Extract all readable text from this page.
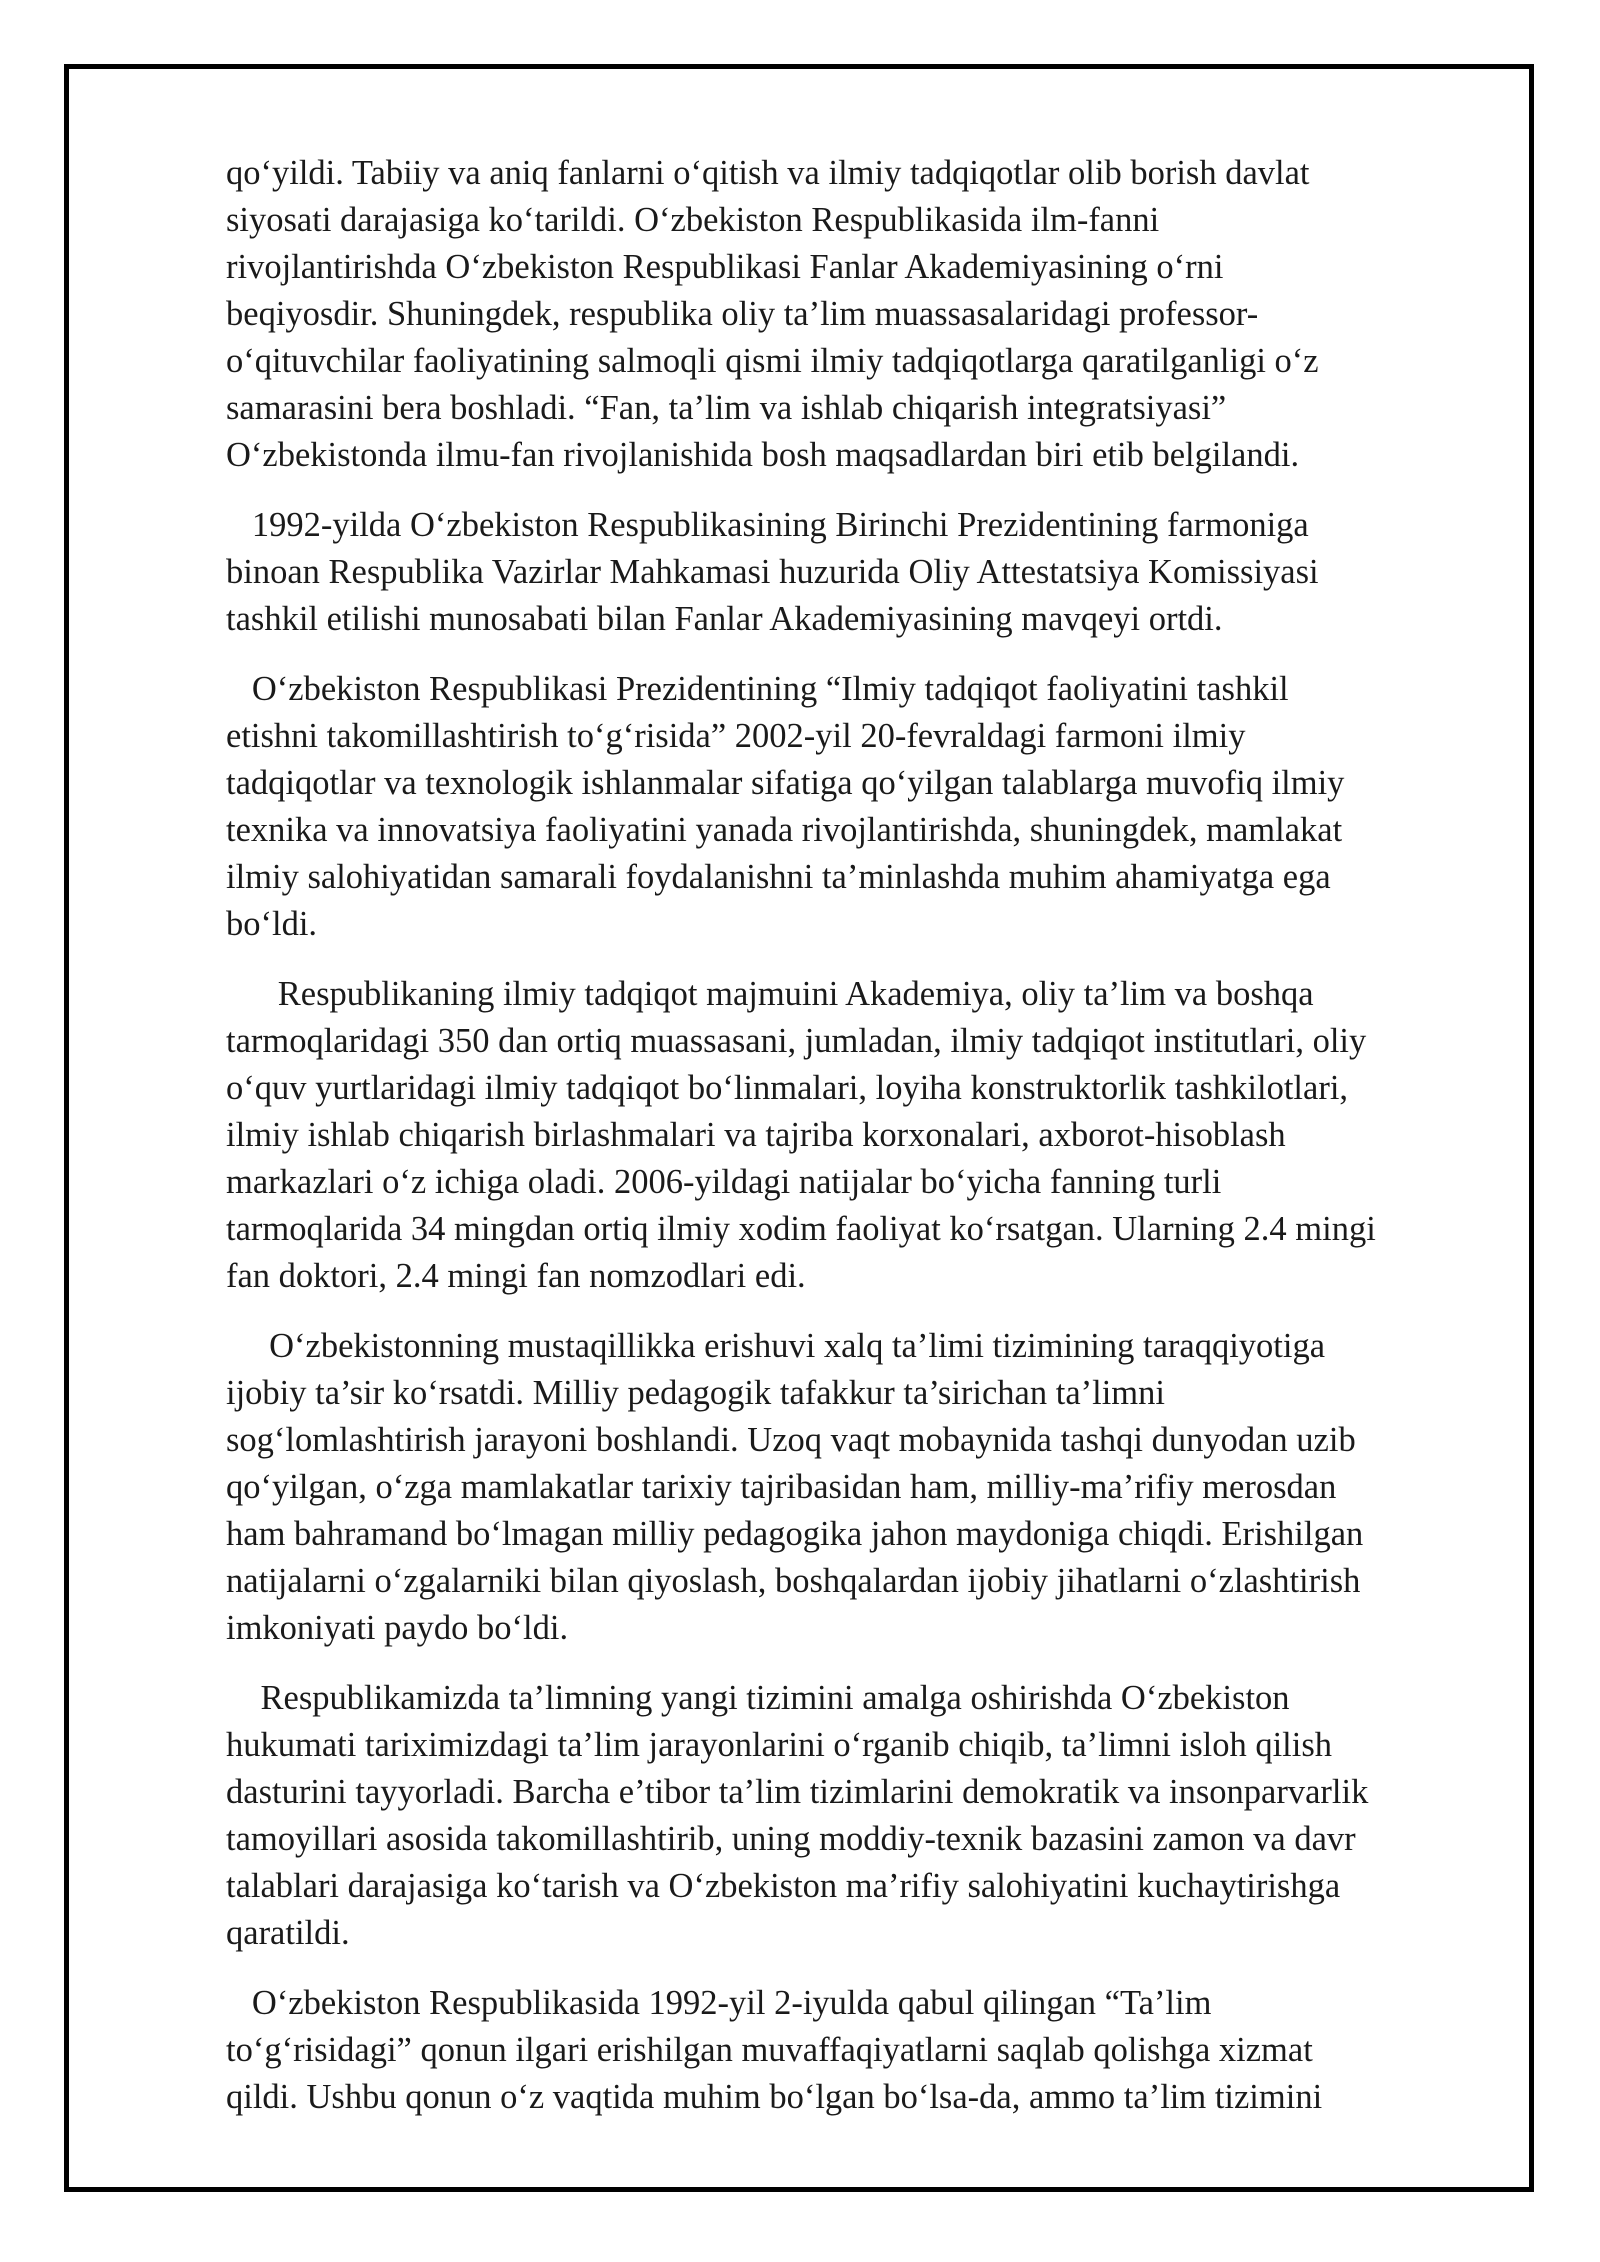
qo‘yildi. Tabiiy va aniq fanlarni o‘qitish va ilmiy tadqiqotlar olib borish davlat
siyosati darajasiga ko‘tarildi. O‘zbekiston Respublikasida ilm-fanni
rivojlantirishda O‘zbekiston Respublikasi Fanlar Akademiyasining o‘rni
beqiyosdir. Shuningdek, respublika oliy ta’lim muassasalaridagi professor-
o‘qituvchilar faoliyatining salmoqli qismi ilmiy tadqiqotlarga qaratilganligi o‘z
samarasini bera boshladi. “Fan, ta’lim va ishlab chiqarish integratsiyasi”
O‘zbekistonda ilmu-fan rivojlanishida bosh maqsadlardan biri etib belgilandi.

1992-yilda O‘zbekiston Respublikasining Birinchi Prezidentining farmoniga
binoan Respublika Vazirlar Mahkamasi huzurida Oliy Attestatsiya Komissiyasi
tashkil etilishi munosabati bilan Fanlar Akademiyasining mavqeyi ortdi.

O‘zbekiston Respublikasi Prezidentining “Ilmiy tadqiqot faoliyatini tashkil
etishni takomillashtirish to‘g‘risida” 2002-yil 20-fevraldagi farmoni ilmiy
tadqiqotlar va texnologik ishlanmalar sifatiga qo‘yilgan talablarga muvofiq ilmiy
texnika va innovatsiya faoliyatini yanada rivojlantirishda, shuningdek, mamlakat
ilmiy salohiyatidan samarali foydalanishni ta’minlashda muhim ahamiyatga ega
bo‘ldi.

Respublikaning ilmiy tadqiqot majmuini Akademiya, oliy ta’lim va boshqa
tarmoqlaridagi 350 dan ortiq muassasani, jumladan, ilmiy tadqiqot institutlari, oliy
o‘quv yurtlaridagi ilmiy tadqiqot bo‘linmalari, loyiha konstruktorlik tashkilotlari,
ilmiy ishlab chiqarish birlashmalari va tajriba korxonalari, axborot-hisoblash
markazlari o‘z ichiga oladi. 2006-yildagi natijalar bo‘yicha fanning turli
tarmoqlarida 34 mingdan ortiq ilmiy xodim faoliyat ko‘rsatgan. Ularning 2.4 mingi
fan doktori, 2.4 mingi fan nomzodlari edi.

O‘zbekistonning mustaqillikka erishuvi xalq ta’limi tizimining taraqqiyotiga
ijobiy ta’sir ko‘rsatdi. Milliy pedagogik tafakkur ta’sirichan ta’limni
sog‘lomlashtirish jarayoni boshlandi. Uzoq vaqt mobaynida tashqi dunyodan uzib
qo‘yilgan, o‘zga mamlakatlar tarixiy tajribasidan ham, milliy-ma’rifiy merosdan
ham bahramand bo‘lmagan milliy pedagogika jahon maydoniga chiqdi. Erishilgan
natijalarni o‘zgalarniki bilan qiyoslash, boshqalardan ijobiy jihatlarni o‘zlashtirish
imkoniyati paydo bo‘ldi.

Respublikamizda ta’limning yangi tizimini amalga oshirishda O‘zbekiston
hukumati tariximizdagi ta’lim jarayonlarini o‘rganib chiqib, ta’limni isloh qilish
dasturini tayyorladi. Barcha e’tibor ta’lim tizimlarini demokratik va insonparvarlik
tamoyillari asosida takomillashtirib, uning moddiy-texnik bazasini zamon va davr
talablari darajasiga ko‘tarish va O‘zbekiston ma’rifiy salohiyatini kuchaytirishga
qaratildi.

O‘zbekiston Respublikasida 1992-yil 2-iyulda qabul qilingan “Ta’lim
to‘g‘risidagi” qonun ilgari erishilgan muvaffaqiyatlarni saqlab qolishga xizmat
qildi. Ushbu qonun o‘z vaqtida muhim bo‘lgan bo‘lsa-da, ammo ta’lim tizimini
